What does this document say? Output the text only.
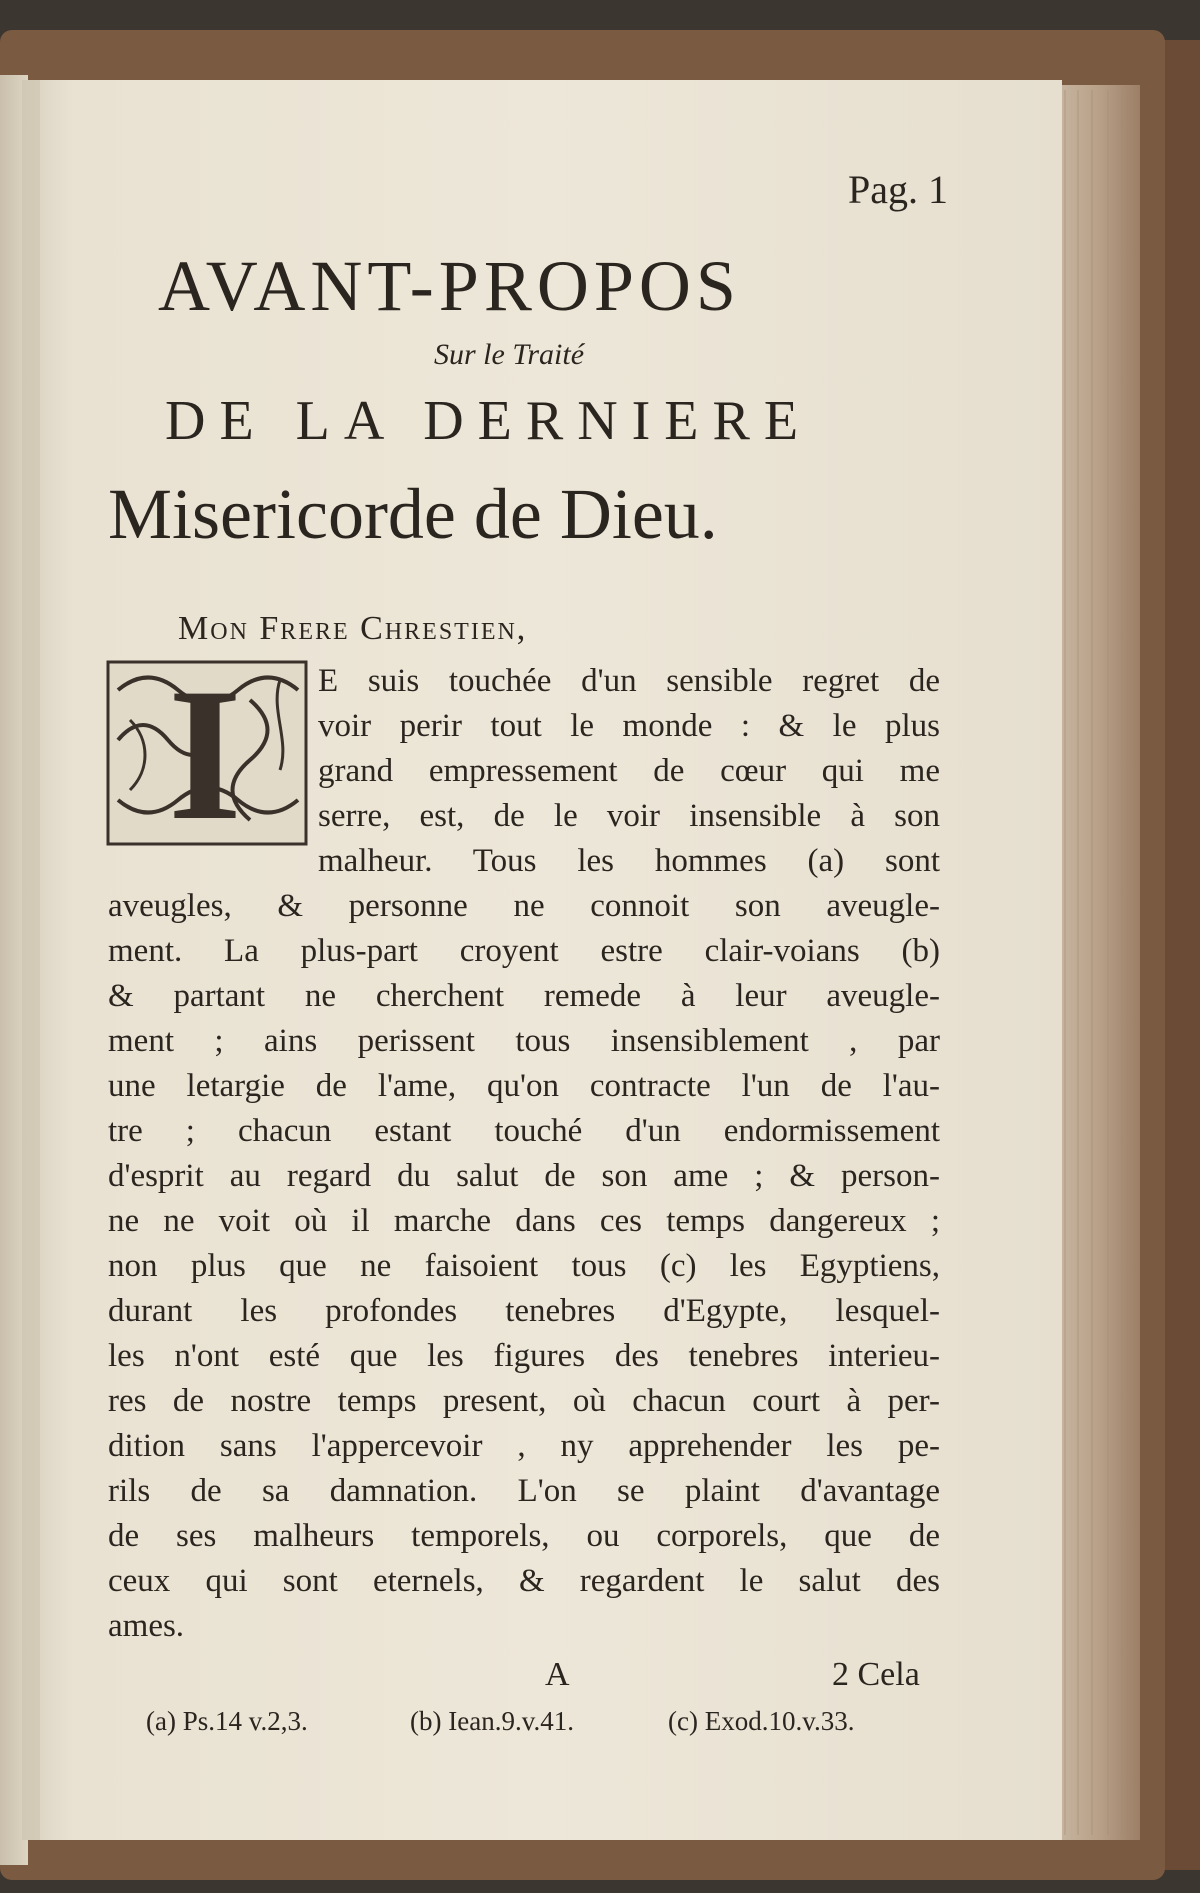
Pag. 1
AVANT-PROPOS
Sur le Traité
DE LA DERNIERE
Misericorde de Dieu.
Mon Frere Chrestien,
I E suis touchée d'un sensible regret de
voir perir tout le monde : & le plus
grand empressement de cœur qui me
serre, est, de le voir insensible à son
malheur. Tous les hommes (a) sont
aveugles, & personne ne connoit son aveugle-
ment. La plus-part croyent estre clair-voians (b)
& partant ne cherchent remede à leur aveugle-
ment ; ains perissent tous insensiblement , par
une letargie de l'ame, qu'on contracte l'un de l'au-
tre ; chacun estant touché d'un endormissement
d'esprit au regard du salut de son ame ; & person-
ne ne voit où il marche dans ces temps dangereux ;
non plus que ne faisoient tous (c) les Egyptiens,
durant les profondes tenebres d'Egypte, lesquel-
les n'ont esté que les figures des tenebres interieu-
res de nostre temps present, où chacun court à per-
dition sans l'appercevoir , ny apprehender les pe-
rils de sa damnation. L'on se plaint d'avantage
de ses malheurs temporels, ou corporels, que de
ceux qui sont eternels, & regardent le salut des
ames.
A	2 Cela
(a) Ps.14 v.2,3.	(b) Iean.9.v.41.	(c) Exod.10.v.33.
